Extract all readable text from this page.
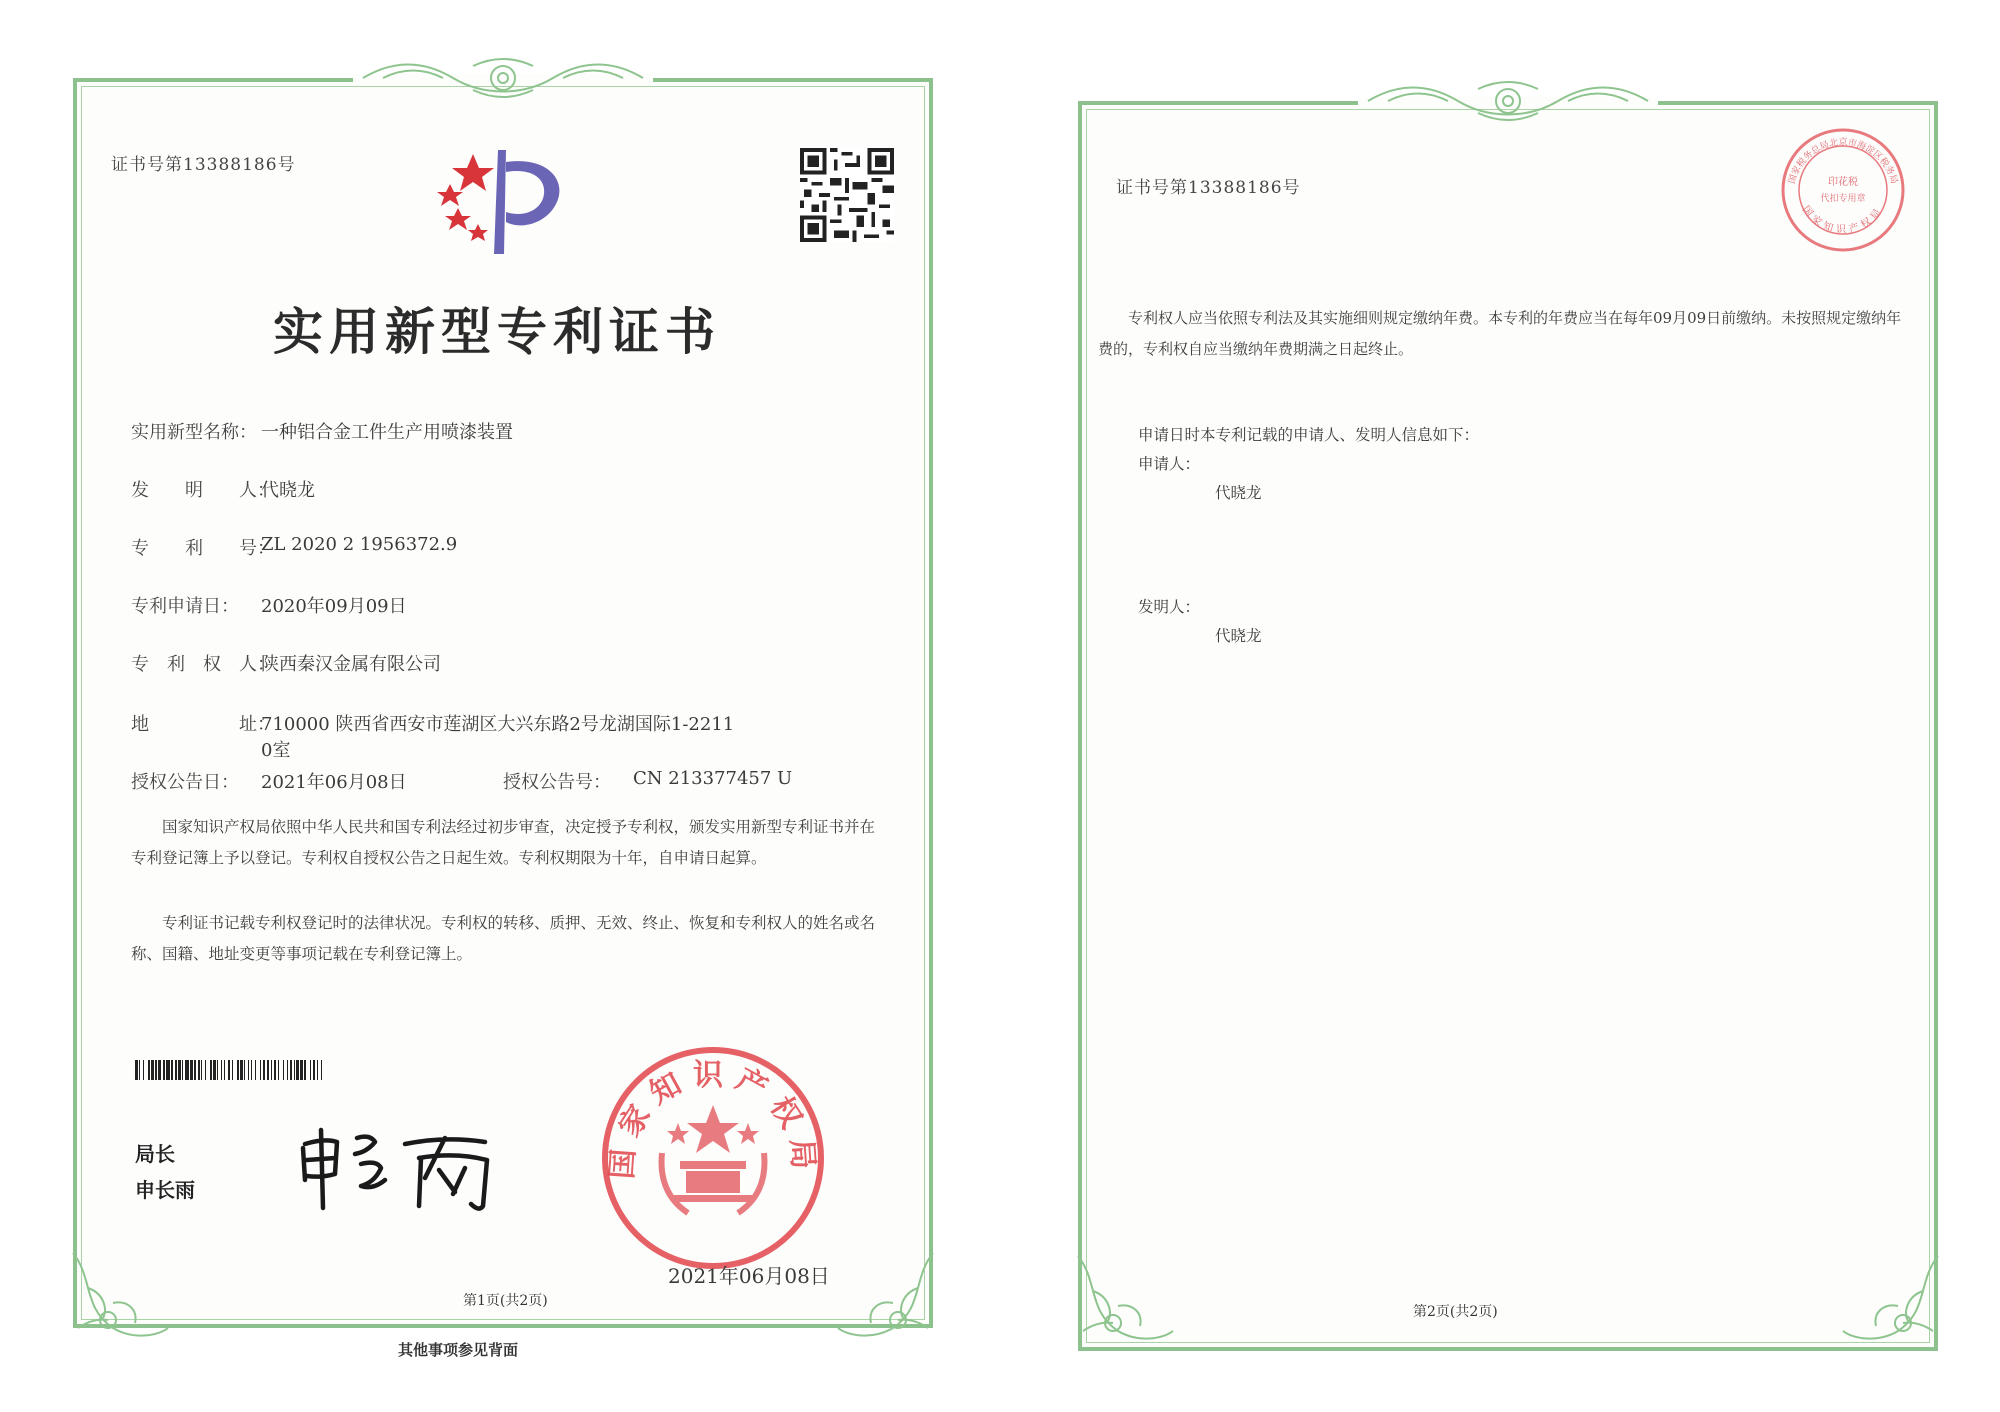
证书号第13388186号
实用新型专利证书
实用新型名称： 一种铝合金工件生产用喷漆装置
发　　明　　人：
代晓龙
专　　利　　号：
ZL 2020 2 1956372.9
专利申请日： 2020年09月09日
专　利　权　人：
陕西秦汉金属有限公司
地　　　　　址：
710000 陕西省西安市莲湖区大兴东路2号龙湖国际1-2211
0室
授权公告日： 2021年06月08日	授权公告号： CN 213377457 U
国家知识产权局依照中华人民共和国专利法经过初步审查，决定授予专利权，颁发实用新型专利证书并在专利登记簿上予以登记。专利权自授权公告之日起生效。专利权期限为十年，自申请日起算。
专利证书记载专利权登记时的法律状况。专利权的转移、质押、无效、终止、恢复和专利权人的姓名或名称、国籍、地址变更等事项记载在专利登记簿上。
局长
申长雨
国家知识产权局
2021年06月08日
第1页(共2页)
其他事项参见背面
证书号第13388186号	国家税务总局北京市海淀区税务局
国家知识产权局
印花税
代扣专用章
专利权人应当依照专利法及其实施细则规定缴纳年费。本专利的年费应当在每年09月09日前缴纳。未按照规定缴纳年费的，专利权自应当缴纳年费期满之日起终止。
申请日时本专利记载的申请人、发明人信息如下：
申请人：
代晓龙
发明人：
代晓龙
第2页(共2页)
